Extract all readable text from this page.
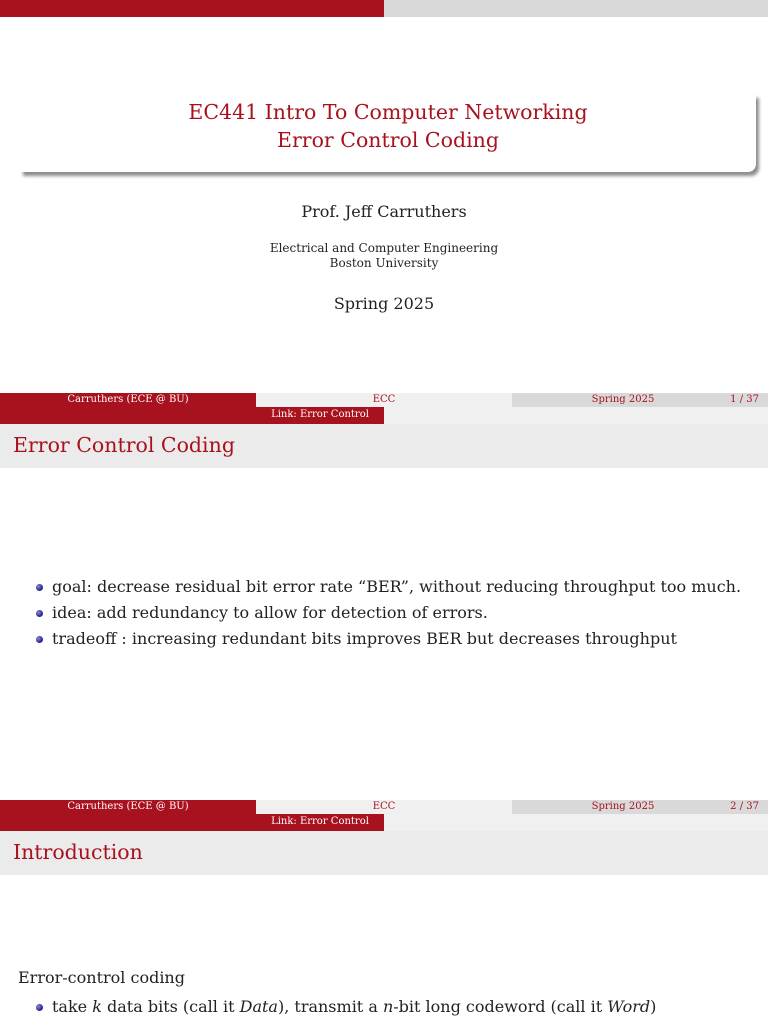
EC441 Intro To Computer Networking
Error Control Coding
Prof. Jeff Carruthers
Electrical and Computer Engineering
Boston University
Spring 2025
Carruthers (ECE @ BU)	ECC	Spring 2025	1 / 37
Link: Error Control
Error Control Coding
goal: decrease residual bit error rate “BER”, without reducing throughput too much.
idea: add redundancy to allow for detection of errors.
tradeoff : increasing redundant bits improves BER but decreases throughput
Carruthers (ECE @ BU)	ECC	Spring 2025	2 / 37
Link: Error Control
Introduction
Error-control coding
take k data bits (call it Data), transmit a n-bit long codeword (call it Word)
